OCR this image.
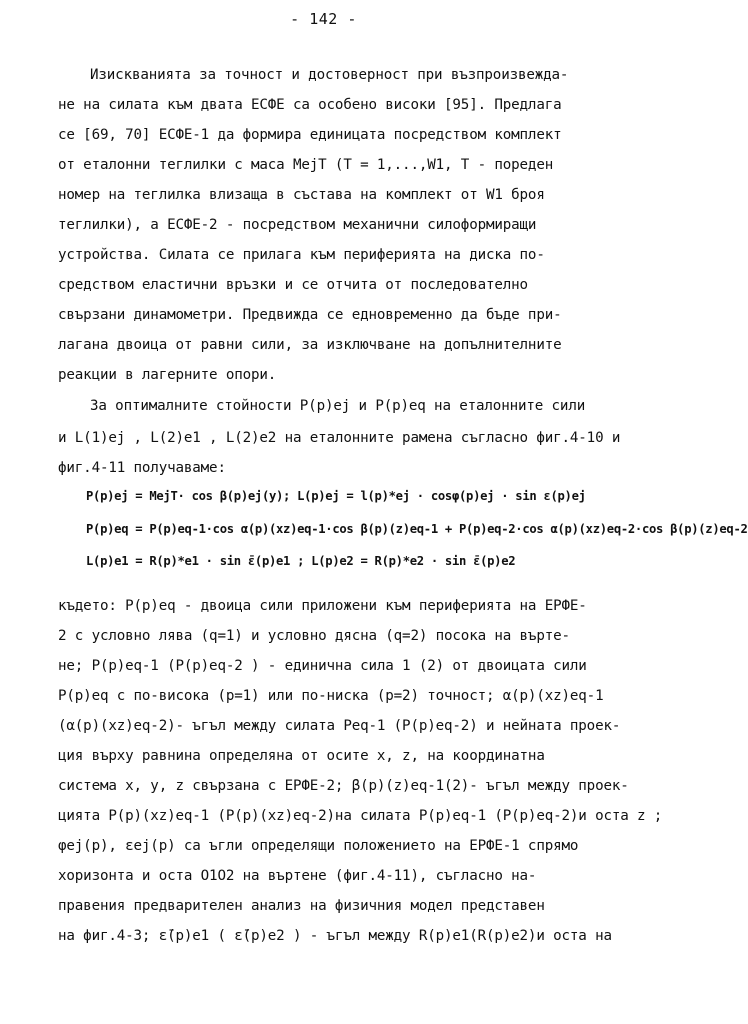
- 142 -
Изискванията за точност и достоверност при възпроизвежда-
не на силата към двата ЕСФЕ са особено високи [95]. Предлага
се [69, 70] ЕСФЕ-1 да формира единицата посредством комплект
от еталонни теглилки с маса MejT (T = 1,...,W1, T - пореден
номер на теглилка влизаща в състава на комплект от W1 броя
теглилки), а ЕСФЕ-2 - посредством механични силоформиращи
устройства. Силата се прилага към периферията на диска по-
средством еластични връзки и се отчита от последователно
свързани динамометри. Предвижда се едновременно да бъде при-
лагана двоица от равни сили, за изключване на допълнителните
реакции в лагерните опори.
За оптималните стойности P(p)ej и P(p)eq на еталонните сили
и L(1)ej , L(2)e1 , L(2)e2 на еталонните рамена съгласно фиг.4-10 и
фиг.4-11 получаваме:
P(p)ej = MejT· cos β(p)ej(y); L(p)ej = l(p)*ej · cosφ(p)ej · sin ε(p)ej
P(p)eq = P(p)eq-1·cos α(p)(xz)eq-1·cos β(p)(z)eq-1 + P(p)eq-2·cos α(p)(xz)eq-2·cos β(p)(z)eq-2
L(p)e1 = R(p)*e1 · sin ε̄(p)e1 ; L(p)e2 = R(p)*e2 · sin ε̄(p)e2
където: P(p)eq - двоица сили приложени към периферията на ЕРФЕ-
2 с условно лява (q=1) и условно дясна (q=2) посока на върте-
не; P(p)eq-1 (P(p)eq-2 ) - единична сила 1 (2) от двоицата сили
P(p)eq с по-висока (p=1) или по-ниска (p=2) точност; α(p)(xz)eq-1
(α(p)(xz)eq-2)- ъгъл между силата Peq-1 (P(p)eq-2) и нейната проек-
ция върху равнина определяна от осите x, z, на координатна
система x, y, z свързана с ЕРФЕ-2; β(p)(z)eq-1(2)- ъгъл между проек-
цията P(p)(xz)eq-1 (P(p)(xz)eq-2)на силата P(p)eq-1 (P(p)eq-2)и оста z ;
φej(p), εej(p) са ъгли определящи положението на ЕРФЕ-1 спрямо
хоризонта и оста O1O2 на въртене (фиг.4-11), съгласно на-
правения предварителен анализ на физичния модел представен
на фиг.4-3; ε̄(p)e1 ( ε̄(p)e2 ) - ъгъл между R(p)e1(R(p)e2)и оста на
